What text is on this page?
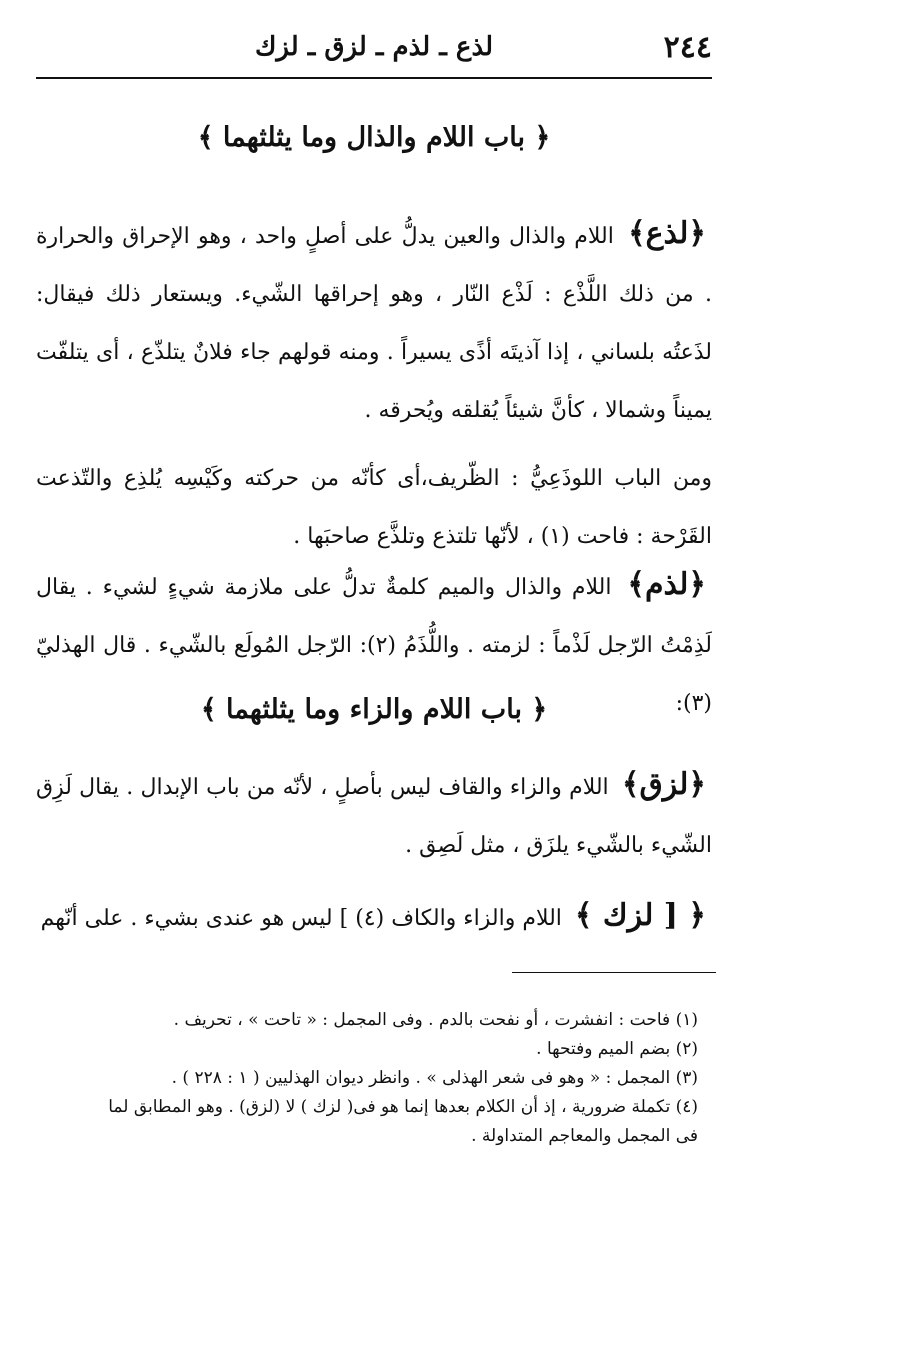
٢٤٤
لذع ـ لذم ـ لزق ـ لزك
﴿ باب اللام والذال وما يثلثهما ﴾

﴿لذع﴾ اللام والذال والعين يدلُّ على أصلٍ واحد ، وهو الإحراق والحرارة . من ذلك اللَّذْع : لَذْع النّار ، وهو إحراقها الشّيء. ويستعار ذلك فيقال: لذَعتُه بلساني ، إذا آذيتَه أذًى يسيراً . ومنه قولهم جاء فلانٌ يتلذّع ، أى يتلفّت يميناً وشمالا ، كأنَّ شيئاً يُقلقه ويُحرقه .

ومن الباب اللوذَعِيُّ : الظّريف،أى كأنّه من حركته وكَيْسِه يُلذِع والتّذعت القَرْحة : فاحت (١) ، لأنّها تلتذع وتلذَّع صاحبَها .

﴿لذم﴾ اللام والذال والميم كلمةٌ تدلُّ على ملازمة شيءٍ لشيء . يقال لَذِمْتُ الرّجل لَذْماً : لزمته . واللُّذَمُ (٢): الرّجل المُولَع بالشّيء . قال الهذليّ (٣):

﴿ باب اللام والزاء وما يثلثهما ﴾

﴿لزق﴾ اللام والزاء والقاف ليس بأصلٍ ، لأنّه من باب الإبدال . يقال لَزِق الشّيء بالشّيء يلزَق ، مثل لَصِق .

﴿ [ لزك ﴾ اللام والزاء والكاف (٤) ] ليس هو عندى بشيء . على أنّهم

(١) فاحت : انفشرت ، أو نفحت بالدم . وفى المجمل : « تاحت » ، تحريف .

(٢) بضم الميم وفتحها .

(٣) المجمل : « وهو فى شعر الهذلى » . وانظر ديوان الهذليين ( ١ : ٢٢٨ ) .

(٤) تكملة ضرورية ، إذ أن الكلام بعدها إنما هو فى( لزك ) لا (لزق) . وهو المطابق لما فى المجمل والمعاجم المتداولة .
